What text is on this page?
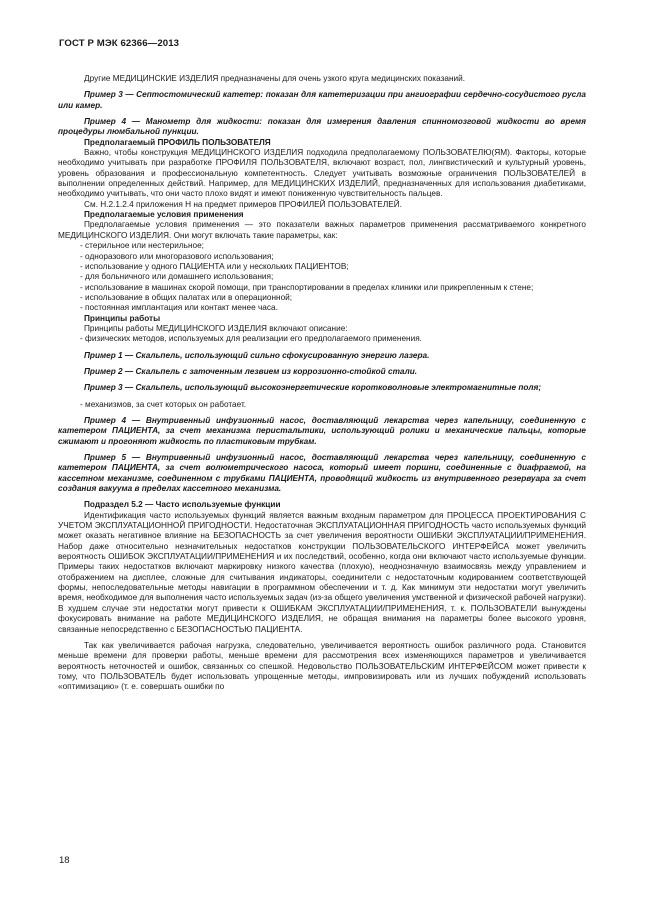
ГОСТ Р МЭК 62366—2013

Другие МЕДИЦИНСКИЕ ИЗДЕЛИЯ предназначены для очень узкого круга медицинских показаний.

Пример 3 — Септостомический катетер: показан для катетеризации при ангиографии сердечно-сосудистого русла или камер.

Пример 4 — Манометр для жидкости: показан для измерения давления спинномозговой жидкости во время процедуры люмбальной пункции.

Предполагаемый ПРОФИЛЬ ПОЛЬЗОВАТЕЛЯ

Важно, чтобы конструкция МЕДИЦИНСКОГО ИЗДЕЛИЯ подходила предполагаемому ПОЛЬЗОВАТЕЛЮ(ЯМ). Факторы, которые необходимо учитывать при разработке ПРОФИЛЯ ПОЛЬЗОВАТЕЛЯ, включают возраст, пол, лингвистический и культурный уровень, уровень образования и профессиональную компетентность. Следует учитывать возможные ограничения ПОЛЬЗОВАТЕЛЕЙ в выполнении определенных действий. Например, для МЕДИЦИНСКИХ ИЗДЕЛИЙ, предназначенных для использования диабетиками, необходимо учитывать, что они часто плохо видят и имеют пониженную чувствительность пальцев.

См. Н.2.1.2.4 приложения Н на предмет примеров ПРОФИЛЕЙ ПОЛЬЗОВАТЕЛЕЙ.

Предполагаемые условия применения

Предполагаемые условия применения — это показатели важных параметров применения рассматриваемого конкретного МЕДИЦИНСКОГО ИЗДЕЛИЯ. Они могут включать такие параметры, как:

- стерильное или нестерильное;

- одноразового или многоразового использования;

- использование у одного ПАЦИЕНТА или у нескольких ПАЦИЕНТОВ;

- для больничного или домашнего использования;

- использование в машинах скорой помощи, при транспортировании в пределах клиники или прикрепленным к стене;

- использование в общих палатах или в операционной;

- постоянная имплантация или контакт менее часа.

Принципы работы

Принципы работы МЕДИЦИНСКОГО ИЗДЕЛИЯ включают описание:

- физических методов, используемых для реализации его предполагаемого применения.

Пример 1 — Скальпель, использующий сильно сфокусированную энергию лазера.

Пример 2 — Скальпель с заточенным лезвием из коррозионно-стойкой стали.

Пример 3 — Скальпель, использующий высокоэнергетические коротковолновые электромагнитные поля;

- механизмов, за счет которых он работает.

Пример 4 — Внутривенный инфузионный насос, доставляющий лекарства через капельницу, соединенную с катетером ПАЦИЕНТА, за счет механизма перистальтики, использующий ролики и механические пальцы, которые сжимают и прогоняют жидкость по пластиковым трубкам.

Пример 5 — Внутривенный инфузионный насос, доставляющий лекарства через капельницу, соединенную с катетером ПАЦИЕНТА, за счет волюметрического насоса, который имеет поршни, соединенные с диафрагмой, на кассетном механизме, соединенном с трубками ПАЦИЕНТА, проводящий жидкость из внутривенного резервуара за счет создания вакуума в пределах кассетного механизма.

Подраздел 5.2 — Часто используемые функции

Идентификация часто используемых функций является важным входным параметром для ПРОЦЕССА ПРОЕКТИРОВАНИЯ С УЧЕТОМ ЭКСПЛУАТАЦИОННОЙ ПРИГОДНОСТИ. Недостаточная ЭКСПЛУАТАЦИОННАЯ ПРИГОДНОСТЬ часто используемых функций может оказать негативное влияние на БЕЗОПАСНОСТЬ за счет увеличения вероятности ОШИБКИ ЭКСПЛУАТАЦИИ/ПРИМЕНЕНИЯ. Набор даже относительно незначительных недостатков конструкции ПОЛЬЗОВАТЕЛЬСКОГО ИНТЕРФЕЙСА может увеличить вероятность ОШИБОК ЭКСПЛУАТАЦИИ/ПРИМЕНЕНИЯ и их последствий, особенно, когда они включают часто используемые функции. Примеры таких недостатков включают маркировку низкого качества (плохую), неоднозначную взаимосвязь между управлением и отображением на дисплее, сложные для считывания индикаторы, соединители с недостаточным кодированием соответствующей формы, непоследовательные методы навигации в программном обеспечении и т. д. Как минимум эти недостатки могут увеличить время, необходимое для выполнения часто используемых задач (из-за общего увеличения умственной и физической рабочей нагрузки). В худшем случае эти недостатки могут привести к ОШИБКАМ ЭКСПЛУАТАЦИИ/ПРИМЕНЕНИЯ, т. к. ПОЛЬЗОВАТЕЛИ вынуждены фокусировать внимание на работе МЕДИЦИНСКОГО ИЗДЕЛИЯ, не обращая внимания на параметры более высокого уровня, связанные непосредственно с БЕЗОПАСНОСТЬЮ ПАЦИЕНТА.

Так как увеличивается рабочая нагрузка, следовательно, увеличивается вероятность ошибок различного рода. Становится меньше времени для проверки работы, меньше времени для рассмотрения всех изменяющихся параметров и увеличивается вероятность неточностей и ошибок, связанных со спешкой. Недовольство ПОЛЬЗОВАТЕЛЬСКИМ ИНТЕРФЕЙСОМ может привести к тому, что ПОЛЬЗОВАТЕЛЬ будет использовать упрощенные методы, импровизировать или из лучших побуждений использовать «оптимизацию» (т. е. совершать ошибки по

18
